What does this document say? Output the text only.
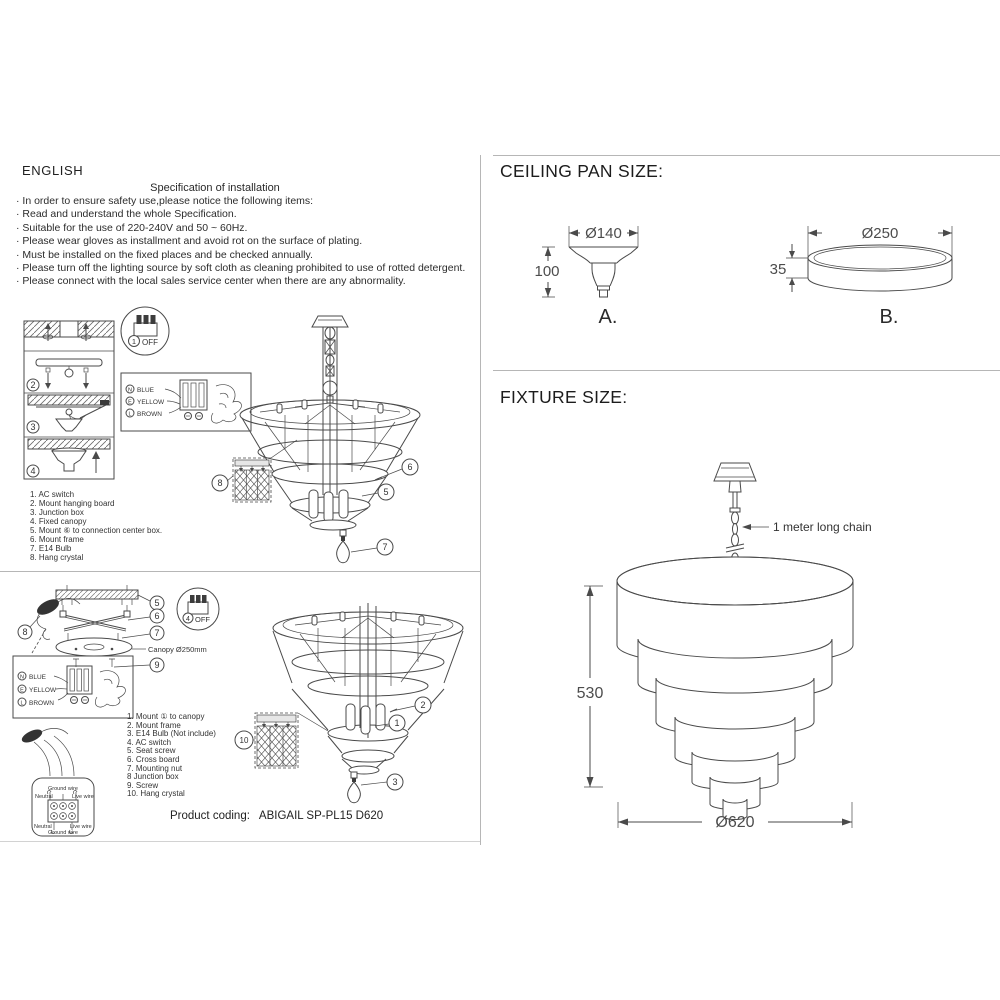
ENGLISH
Specification of installation
· In order to ensure safety use,please notice the following items:
· Read and understand the whole Specification.
· Suitable for the use of 220-240V and 50 ~ 60Hz.
· Please wear gloves as installment and avoid rot on the surface of plating.
· Must be installed on the fixed places and be checked annually.
· Please turn off the lighting source by soft cloth as cleaning prohibited to use of rotted detergent.
· Please connect with the local sales service center when there are any abnormality.
2
3
4
1 OFF
N BLUE
E YELLOW
L BROWN
8
6
5
7
1. AC switch
2. Mount hanging board
3. Junction box
4. Fixed canopy
5. Mount ⑥ to connection center box.
6. Mount frame
7. E14 Bulb
8. Hang crystal
5
6
7
Canopy Ø250mm
9
8
4 OFF
N BLUE
E YELLOW
L BROWN
Ground wire
Neutral	Live wire
Neutral	Live wire
Ground wire
10
2
1
3
1. Mount ① to canopy
2. Mount frame
3. E14 Bulb (Not include)
4. AC switch
5. Seat screw
6. Cross board
7. Mounting nut
8 Junction box
9. Screw
10. Hang crystal
Product coding: ABIGAIL SP-PL15 D620
CEILING PAN SIZE:
FIXTURE SIZE:
Ø140
100
A.
Ø250
35
B.
1 meter long chain
530
Ø620
